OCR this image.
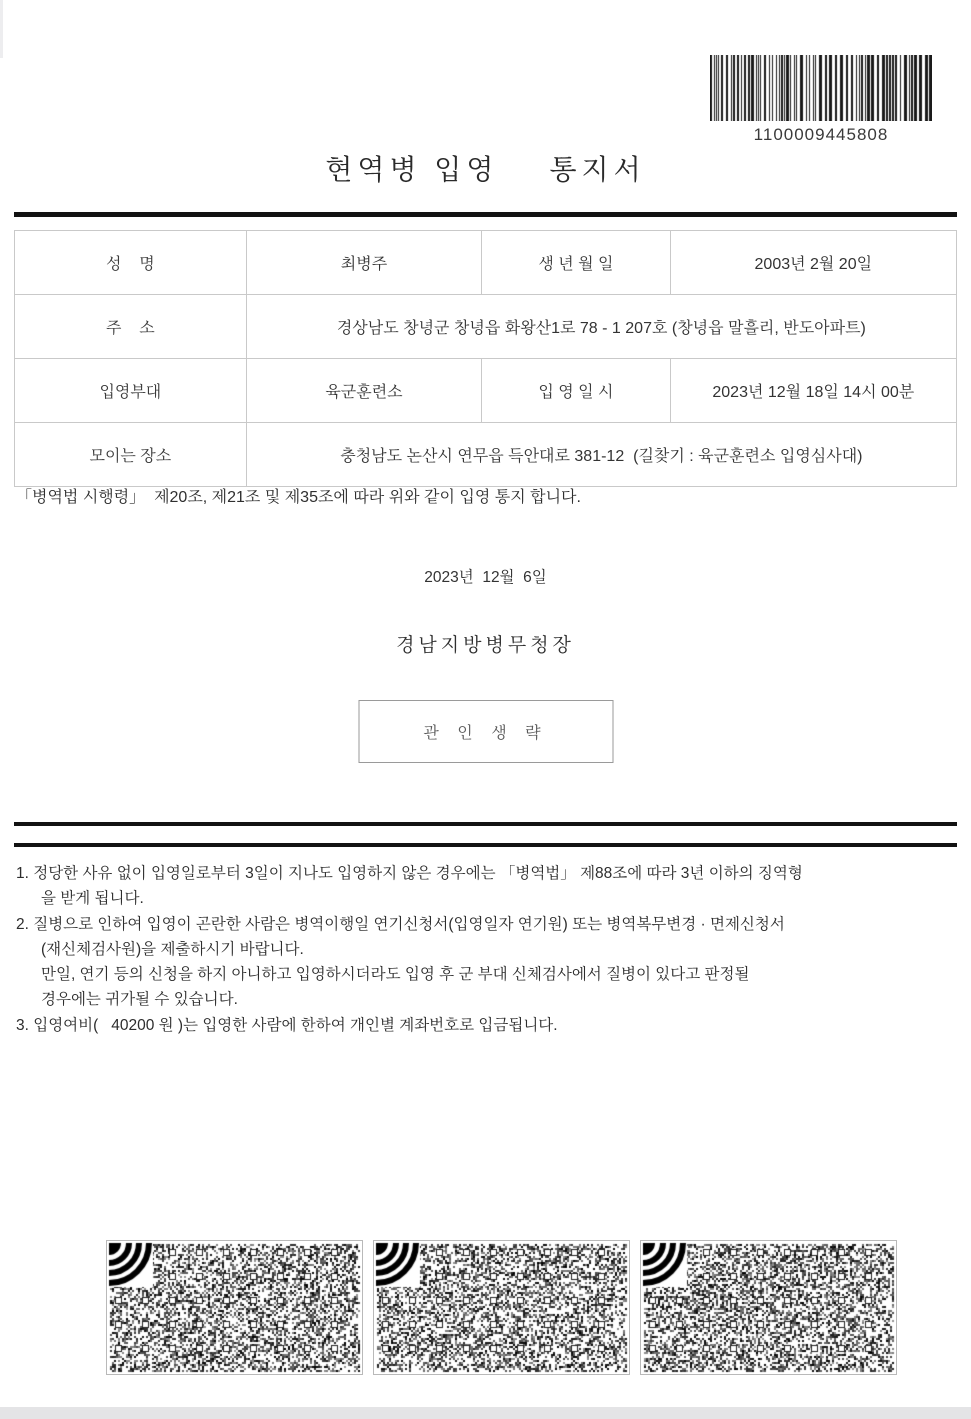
1100009445808
현역병 입영    통지서
성    명	최병주	생 년 월 일	2003년 2월 20일
주    소	경상남도 창녕군 창녕읍 화왕산1로 78 - 1 207호 (창녕읍 말흘리, 반도아파트)		
입영부대	육군훈련소	입 영 일 시	2023년 12월 18일 14시 00분
모이는 장소	충청남도 논산시 연무읍 득안대로 381-12  (길찾기 : 육군훈련소 입영심사대)		
「병역법 시행령」  제20조, 제21조 및 제35조에 따라 위와 같이 입영 통지 합니다.
2023년  12월  6일
경남지방병무청장
관 인 생 략
1. 정당한 사유 없이 입영일로부터 3일이 지나도 입영하지 않은 경우에는 「병역법」 제88조에 따라 3년 이하의 징역형
을 받게 됩니다.
2. 질병으로 인하여 입영이 곤란한 사람은 병역이행일 연기신청서(입영일자 연기원) 또는 병역복무변경 · 면제신청서
(재신체검사원)을 제출하시기 바랍니다.
만일, 연기 등의 신청을 하지 아니하고 입영하시더라도 입영 후 군 부대 신체검사에서 질병이 있다고 판정될
경우에는 귀가될 수 있습니다.
3. 입영여비(   40200 원 )는 입영한 사람에 한하여 개인별 계좌번호로 입금됩니다.
